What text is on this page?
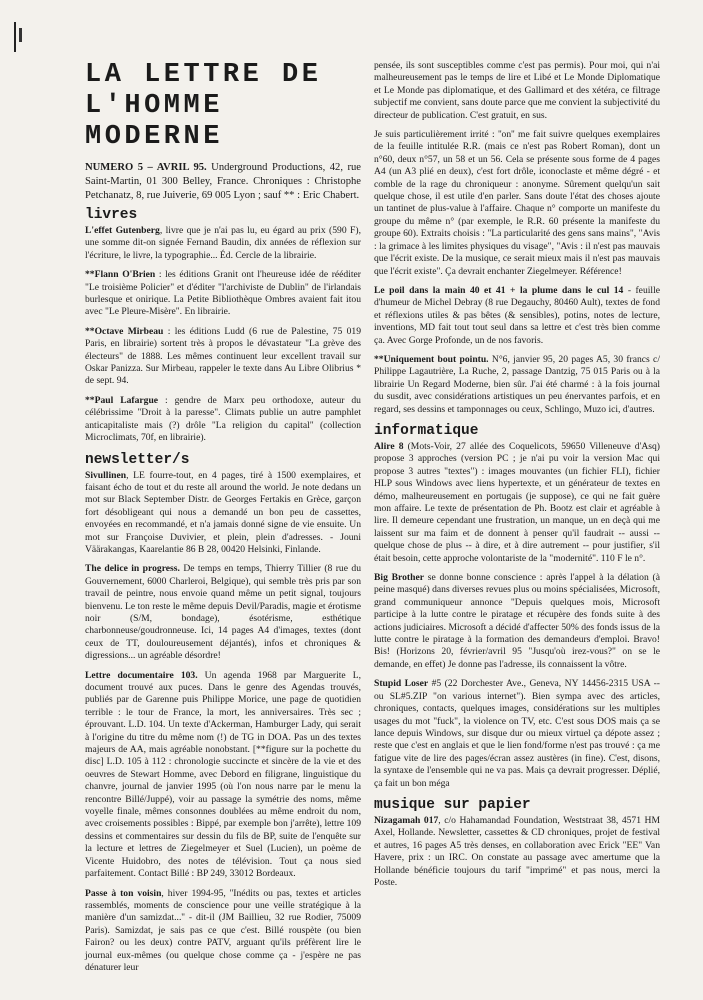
LA LETTRE DE
L'HOMME MODERNE
NUMERO 5 – AVRIL 95. Underground Productions, 42, rue Saint-Martin, 01 300 Belley, France. Chroniques : Christophe Petchanatz, 8, rue Juiverie, 69 005 Lyon ; sauf ** : Eric Chabert.
livres

L'effet Gutenberg, livre que je n'ai pas lu, eu égard au prix (590 F), une somme dit-on signée Fernand Baudin, dix années de réflexion sur l'écriture, le livre, la typographie... Éd. Cercle de la librairie.

**Flann O'Brien : les éditions Granit ont l'heureuse idée de rééditer "Le troisième Policier" et d'éditer "l'archiviste de Dublin" de l'irlandais burlesque et onirique. La Petite Bibliothèque Ombres avaient fait itou avec "Le Pleure-Misère". En librairie.

**Octave Mirbeau : les éditions Ludd (6 rue de Palestine, 75 019 Paris, en librairie) sortent très à propos le dévastateur "La grève des électeurs" de 1888. Les mêmes continuent leur excellent travail sur Oskar Panizza. Sur Mirbeau, rappeler le texte dans Au Libre Olibrius * de sept. 94.

**Paul Lafargue : gendre de Marx peu orthodoxe, auteur du célébrissime "Droit à la paresse". Climats publie un autre pamphlet anticapitaliste mais (?) drôle "La religion du capital" (collection Microclimats, 70f, en librairie).

newsletter/s

Sivullinen, LE fourre-tout, en 4 pages, tiré à 1500 exemplaires, et faisant écho de tout et du reste all around the world. Je note dedans un mot sur Black September Distr. de Georges Fertakis en Grèce, garçon fort désobligeant qui nous a demandé un bon peu de cassettes, envoyées en recommandé, et n'a jamais donné signe de vie ensuite. Un mot sur Françoise Duvivier, et plein, plein d'adresses. - Jouni Väärakangas, Kaarelantie 86 B 28, 00420 Helsinki, Finlande.

The delice in progress. De temps en temps, Thierry Tillier (8 rue du Gouvernement, 6000 Charleroi, Belgique), qui semble très pris par son travail de peintre, nous envoie quand même un petit signal, toujours bienvenu. Le ton reste le même depuis Devil/Paradis, magie et érotisme noir (S/M, bondage), ésotérisme, esthétique charbonneuse/goudronneuse. Ici, 14 pages A4 d'images, textes (dont ceux de TT, douloureusement déjantés), infos et chroniques & digressions... un agréable désordre!

Lettre documentaire 103. Un agenda 1968 par Marguerite L, document trouvé aux puces. Dans le genre des Agendas trouvés, publiés par de Garenne puis Philippe Morice, une page de quotidien terrible : le tour de France, la mort, les anniversaires. Très sec ; éprouvant. L.D. 104. Un texte d'Ackerman, Hamburger Lady, qui serait à l'origine du titre du même nom (!) de TG in DOA. Pas un des textes majeurs de AA, mais agréable nonobstant. [**figure sur la pochette du disc] L.D. 105 à 112 : chronologie succincte et sincère de la vie et des oeuvres de Stewart Homme, avec Debord en filigrane, linguistique du chanvre, journal de janvier 1995 (où l'on nous narre par le menu la rencontre Billé/Juppé), voir au passage la symétrie des noms, même voyelle finale, mêmes consonnes doublées au même endroit du nom, avec croisements possibles : Bippé, par exemple bon j'arrête), lettre 109 dessins et commentaires sur dessin du fils de BP, suite de l'enquête sur la lecture et lettres de Ziegelmeyer et Suel (Lucien), un poème de Vicente Huidobro, des notes de télévision. Tout ça nous sied parfaitement. Contact Billé : BP 249, 33012 Bordeaux.

Passe à ton voisin, hiver 1994-95, ''Inédits ou pas, textes et articles rassemblés, moments de conscience pour une veille stratégique à la manière d'un samizdat...'' - dit-il (JM Baillieu, 32 rue Rodier, 75009 Paris). Samizdat, je sais pas ce que c'est. Billé rouspète (ou bien Fairon? ou les deux) contre PATV, arguant qu'ils préfèrent lire le journal eux-mêmes (ou quelque chose comme ça - j'espère ne pas dénaturer leur

pensée, ils sont susceptibles comme c'est pas permis). Pour moi, qui n'ai malheureusement pas le temps de lire et Libé et Le Monde Diplomatique et Le Monde pas diplomatique, et des Gallimard et des xétéra, ce filtrage subjectif me convient, sans doute parce que me convient la subjectivité du directeur de publication. C'est gratuit, en sus.

Je suis particulièrement irrité : ''on'' me fait suivre quelques exemplaires de la feuille intitulée R.R. (mais ce n'est pas Robert Roman), dont un n°60, deux n°57, un 58 et un 56. Cela se présente sous forme de 4 pages A4 (un A3 plié en deux), c'est fort drôle, iconoclaste et même dégré - et comble de la rage du chroniqueur : anonyme. Sûrement quelqu'un sait quelque chose, il est utile d'en parler. Sans doute l'état des choses ajoute un tantinet de plus-value à l'affaire. Chaque n° comporte un manifeste du groupe du même n° (par exemple, le R.R. 60 présente la manifeste du groupe 60). Extraits choisis : "La particularité des gens sans mains", "Avis : la grimace à les limites physiques du visage", "Avis : il n'est pas mauvais que l'écrit existe. De la musique, ce serait mieux mais il n'est pas mauvais que l'écrit existe". Ça devrait enchanter Ziegelmeyer. Référence!

Le poil dans la main 40 et 41 + la plume dans le cul 14 - feuille d'humeur de Michel Debray (8 rue Degauchy, 80460 Ault), textes de fond et réflexions utiles & pas bêtes (& sensibles), potins, notes de lecture, inventions, MD fait tout tout seul dans sa lettre et c'est très bien comme ça. Avec Gorge Profonde, un de nos favoris.

**Uniquement bout pointu. N°6, janvier 95, 20 pages A5, 30 francs c/ Philippe Lagautrière, La Ruche, 2, passage Dantzig, 75 015 Paris ou à la librairie Un Regard Moderne, bien sûr. J'ai été charmé : à la fois journal du susdit, avec considérations artistiques un peu énervantes parfois, et en regard, ses dessins et tamponnages ou ceux, Schlingo, Muzo ici, d'autres.

informatique

Alire 8 (Mots-Voir, 27 allée des Coquelicots, 59650 Villeneuve d'Asq) propose 3 approches (version PC ; je n'ai pu voir la version Mac qui propose 3 autres "textes") : images mouvantes (un fichier FLI), fichier HLP sous Windows avec liens hypertexte, et un générateur de textes en démo, malheureusement en portugais (je suppose), ce qui ne fait guère mon affaire. Le texte de présentation de Ph. Bootz est clair et agréable à lire. Il demeure cependant une frustration, un manque, un en deçà qui me laissent sur ma faim et de donnent à penser qu'il faudrait -- aussi -- quelque chose de plus -- à dire, et à dire autrement -- pour justifier, s'il était besoin, cette approche volontariste de la "modernité". 110 F le n°.

Big Brother se donne bonne conscience : après l'appel à la délation (à peine masqué) dans diverses revues plus ou moins spécialisées, Microsoft, grand communiqueur annonce "Depuis quelques mois, Microsoft participe à la lutte contre le piratage et récupère des fonds suite à des actions judiciaires. Microsoft a décidé d'affecter 50% des fonds issus de la lutte contre le piratage à la formation des demandeurs d'emploi. Bravo! Bis! (Horizons 20, février/avril 95 "Jusqu'où irez-vous?" on se le demande, en effet) Je donne pas l'adresse, ils connaissent la vôtre.

Stupid Loser #5 (22 Dorchester Ave., Geneva, NY 14456-2315 USA -- ou SL#5.ZIP "on various internet"). Bien sympa avec des articles, chroniques, contacts, quelques images, considérations sur les multiples usages du mot "fuck", la violence on TV, etc. C'est sous DOS mais ça se lance depuis Windows, sur disque dur ou mieux virtuel ça dépote assez ; reste que c'est en anglais et que le lien fond/forme n'est pas trouvé : ça me fatigue vite de lire des pages/écran assez austères (in fine). C'est, disons, la syntaxe de l'ensemble qui ne va pas. Mais ça devrait progresser. Déplié, ça fait un bon méga

musique sur papier

Nizagamah 017, c/o Hahamandad Foundation, Weststraat 38, 4571 HM Axel, Hollande. Newsletter, cassettes & CD chroniques, projet de festival et autres, 16 pages A5 très denses, en collaboration avec Erick "EE" Van Havere, prix : un IRC. On constate au passage avec amertume que la Hollande bénéficie toujours du tarif "imprimé" et pas nous, merci la Poste.
